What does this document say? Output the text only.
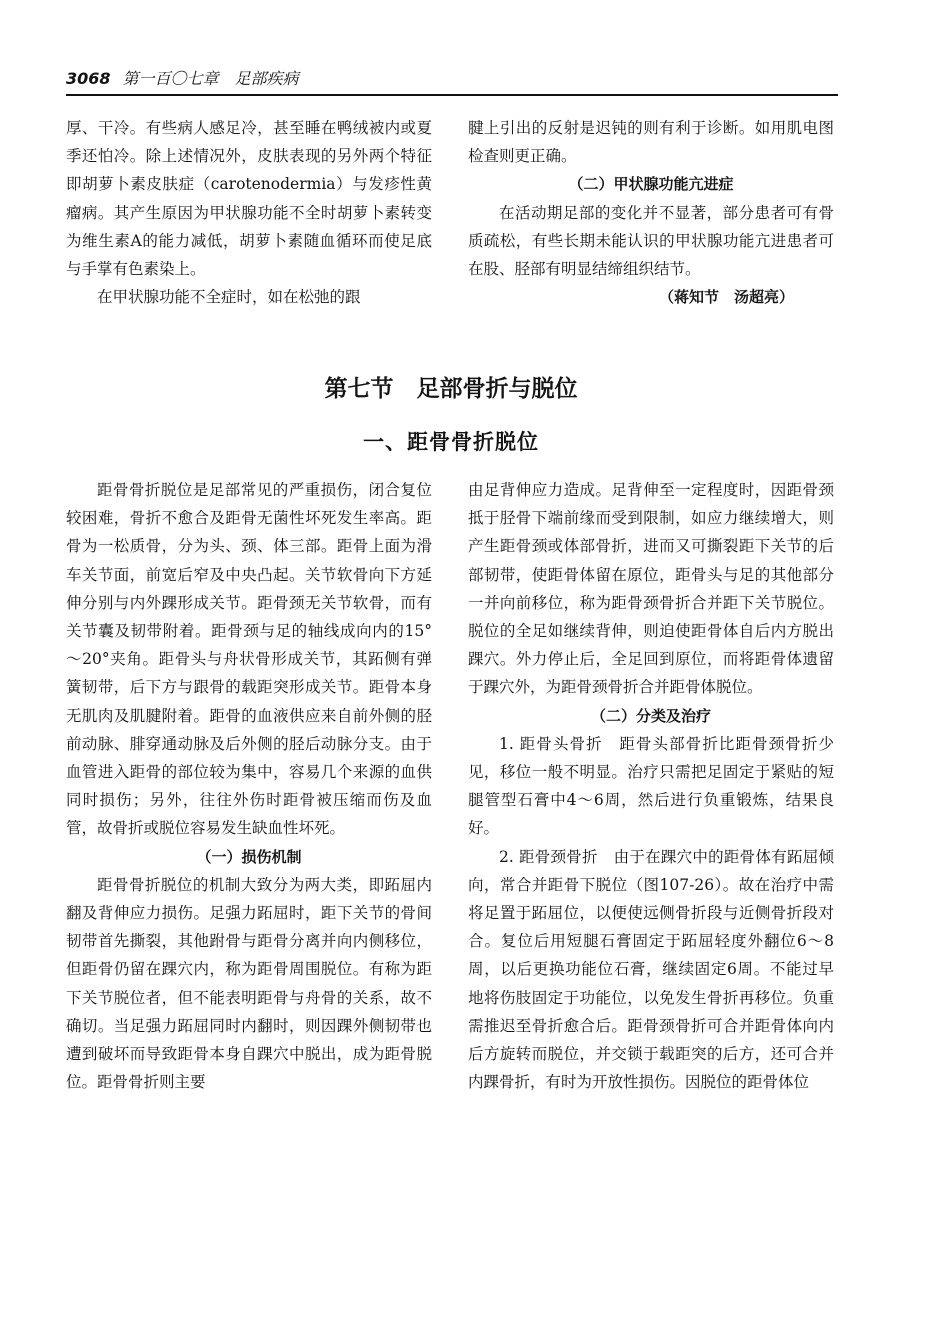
3068 第一百〇七章　足部疾病

厚、干冷。有些病人感足冷，甚至睡在鸭绒被内或夏季还怕冷。除上述情况外，皮肤表现的另外两个特征即胡萝卜素皮肤症（carotenodermia）与发疹性黄瘤病。其产生原因为甲状腺功能不全时胡萝卜素转变为维生素A的能力减低，胡萝卜素随血循环而使足底与手掌有色素染上。

在甲状腺功能不全症时，如在松弛的跟

腱上引出的反射是迟钝的则有利于诊断。如用肌电图检查则更正确。

（二）甲状腺功能亢进症

在活动期足部的变化并不显著，部分患者可有骨质疏松，有些长期未能认识的甲状腺功能亢进患者可在股、胫部有明显结缔组织结节。

（蒋知节　汤超亮）

第七节　足部骨折与脱位
一、距骨骨折脱位

距骨骨折脱位是足部常见的严重损伤，闭合复位较困难，骨折不愈合及距骨无菌性坏死发生率高。距骨为一松质骨，分为头、颈、体三部。距骨上面为滑车关节面，前宽后窄及中央凸起。关节软骨向下方延伸分别与内外踝形成关节。距骨颈无关节软骨，而有关节囊及韧带附着。距骨颈与足的轴线成向内的15°～20°夹角。距骨头与舟状骨形成关节，其跖侧有弹簧韧带，后下方与跟骨的载距突形成关节。距骨本身无肌肉及肌腱附着。距骨的血液供应来自前外侧的胫前动脉、腓穿通动脉及后外侧的胫后动脉分支。由于血管进入距骨的部位较为集中，容易几个来源的血供同时损伤；另外，往往外伤时距骨被压缩而伤及血管，故骨折或脱位容易发生缺血性坏死。

（一）损伤机制

距骨骨折脱位的机制大致分为两大类，即跖屈内翻及背伸应力损伤。足强力跖屈时，距下关节的骨间韧带首先撕裂，其他跗骨与距骨分离并向内侧移位，但距骨仍留在踝穴内，称为距骨周围脱位。有称为距下关节脱位者，但不能表明距骨与舟骨的关系，故不确切。当足强力跖屈同时内翻时，则因踝外侧韧带也遭到破坏而导致距骨本身自踝穴中脱出，成为距骨脱位。距骨骨折则主要

由足背伸应力造成。足背伸至一定程度时，因距骨颈抵于胫骨下端前缘而受到限制，如应力继续增大，则产生距骨颈或体部骨折，进而又可撕裂距下关节的后部韧带，使距骨体留在原位，距骨头与足的其他部分一并向前移位，称为距骨颈骨折合并距下关节脱位。脱位的全足如继续背伸，则迫使距骨体自后内方脱出踝穴。外力停止后，全足回到原位，而将距骨体遗留于踝穴外，为距骨颈骨折合并距骨体脱位。

（二）分类及治疗

1. 距骨头骨折　距骨头部骨折比距骨颈骨折少见，移位一般不明显。治疗只需把足固定于紧贴的短腿管型石膏中4～6周，然后进行负重锻炼，结果良好。

2. 距骨颈骨折　由于在踝穴中的距骨体有跖屈倾向，常合并距骨下脱位（图107-26）。故在治疗中需将足置于跖屈位，以便使远侧骨折段与近侧骨折段对合。复位后用短腿石膏固定于跖屈轻度外翻位6～8周，以后更换功能位石膏，继续固定6周。不能过早地将伤肢固定于功能位，以免发生骨折再移位。负重需推迟至骨折愈合后。距骨颈骨折可合并距骨体向内后方旋转而脱位，并交锁于载距突的后方，还可合并内踝骨折，有时为开放性损伤。因脱位的距骨体位
